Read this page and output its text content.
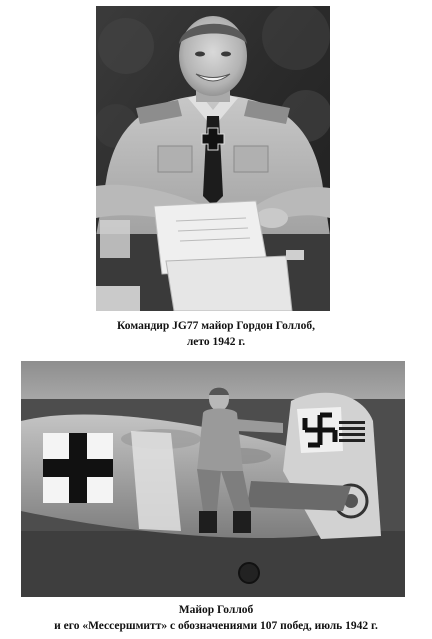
Командир JG77 майор Гордон Голлоб,
лето 1942 г.
Майор Голлоб
и его «Мессершмитт» с обозначениями 107 побед, июль 1942 г.
